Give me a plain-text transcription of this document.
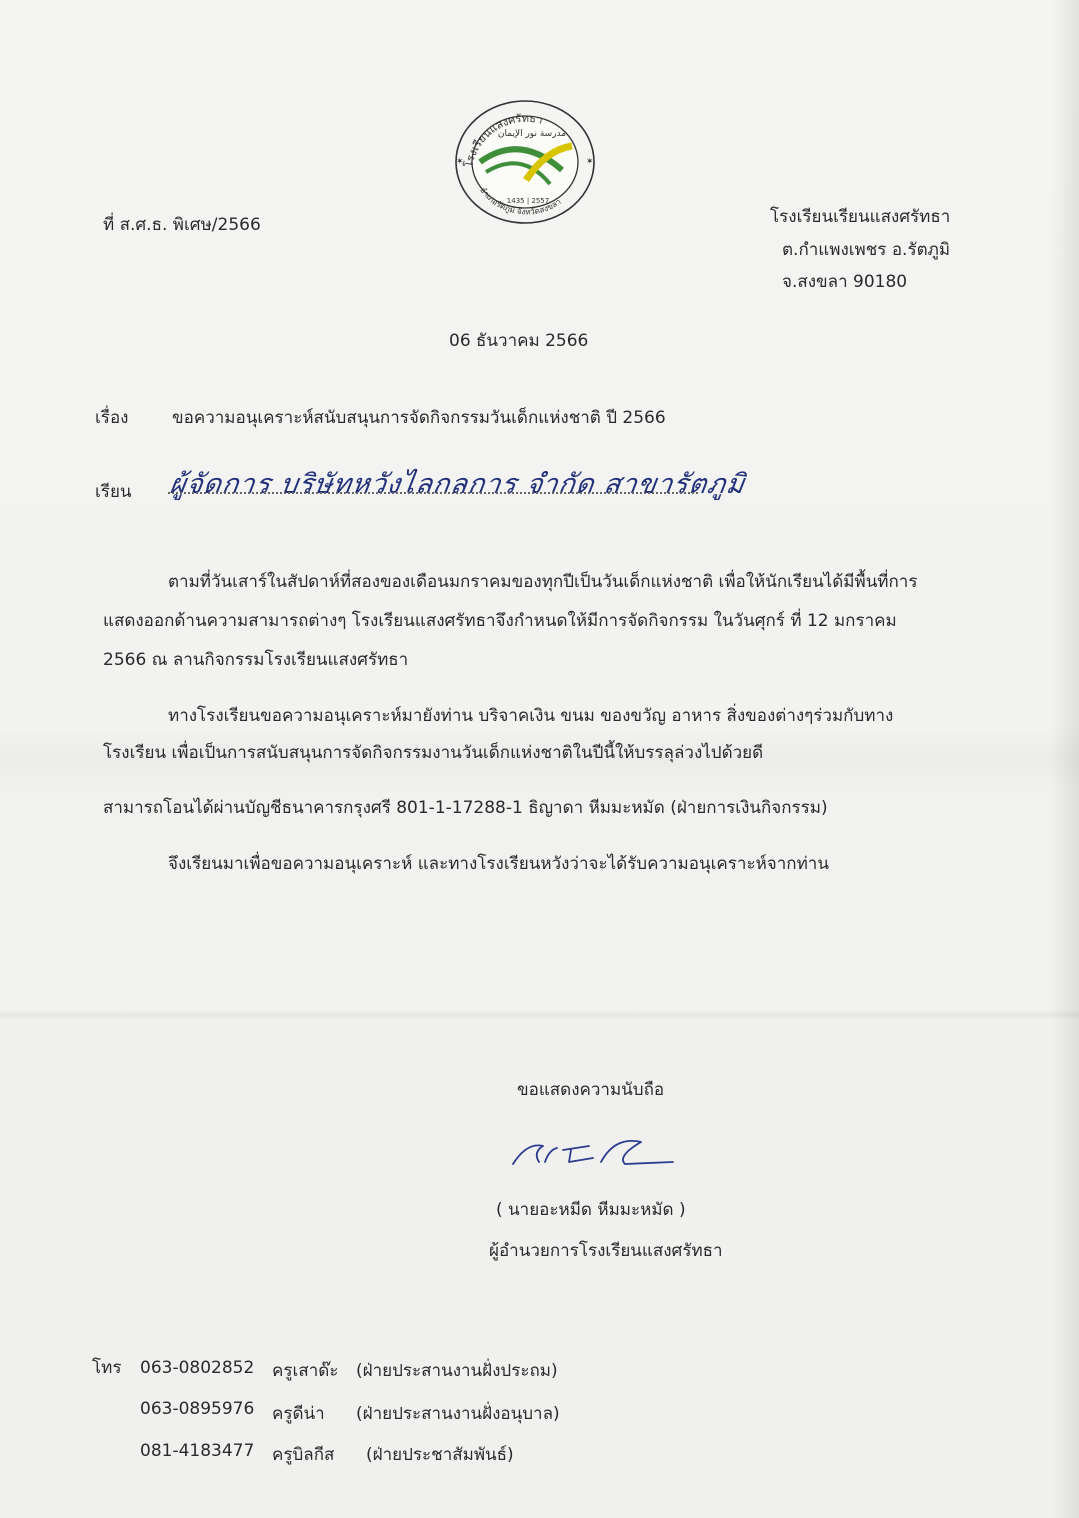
โรงเรียนแสงศรัทธา
อำเภอรัตภูมิ จังหวัดสงขลา
مدرسة نور الإيمان
✶	✶
1435 | 2557
ที่ ส.ศ.ธ. พิเศษ/2566	โรงเรียนเรียนแสงศรัทธา
ต.กำแพงเพชร อ.รัตภูมิ
จ.สงขลา 90180
06 ธันวาคม 2566
เรื่อง	ขอความอนุเคราะห์สนับสนุนการจัดกิจกรรมวันเด็กแห่งชาติ ปี 2566
เรียน ผู้จัดการ บริษัทหวังไลกลการ จำกัด สาขารัตภูมิ
ตามที่วันเสาร์ในสัปดาห์ที่สองของเดือนมกราคมของทุกปีเป็นวันเด็กแห่งชาติ เพื่อให้นักเรียนได้มีพื้นที่การ
แสดงออกด้านความสามารถต่างๆ โรงเรียนแสงศรัทธาจึงกำหนดให้มีการจัดกิจกรรม ในวันศุกร์ ที่ 12 มกราคม
2566 ณ ลานกิจกรรมโรงเรียนแสงศรัทธา
ทางโรงเรียนขอความอนุเคราะห์มายังท่าน บริจาคเงิน ขนม ของขวัญ อาหาร สิ่งของต่างๆร่วมกับทาง
โรงเรียน เพื่อเป็นการสนับสนุนการจัดกิจกรรมงานวันเด็กแห่งชาติในปีนี้ให้บรรลุล่วงไปด้วยดี
สามารถโอนได้ผ่านบัญชีธนาคารกรุงศรี 801-1-17288-1 ธิญาดา หีมมะหมัด (ฝ่ายการเงินกิจกรรม)
จึงเรียนมาเพื่อขอความอนุเคราะห์ และทางโรงเรียนหวังว่าจะได้รับความอนุเคราะห์จากท่าน
ขอแสดงความนับถือ
( นายอะหมีด หีมมะหมัด )
ผู้อำนวยการโรงเรียนแสงศรัทธา
โทร 063-0802852 ครูเสาด๊ะ (ฝ่ายประสานงานฝั่งประถม)
063-0895976 ครูดีน่า (ฝ่ายประสานงานฝั่งอนุบาล)
081-4183477 ครูบิลกีส (ฝ่ายประชาสัมพันธ์)
